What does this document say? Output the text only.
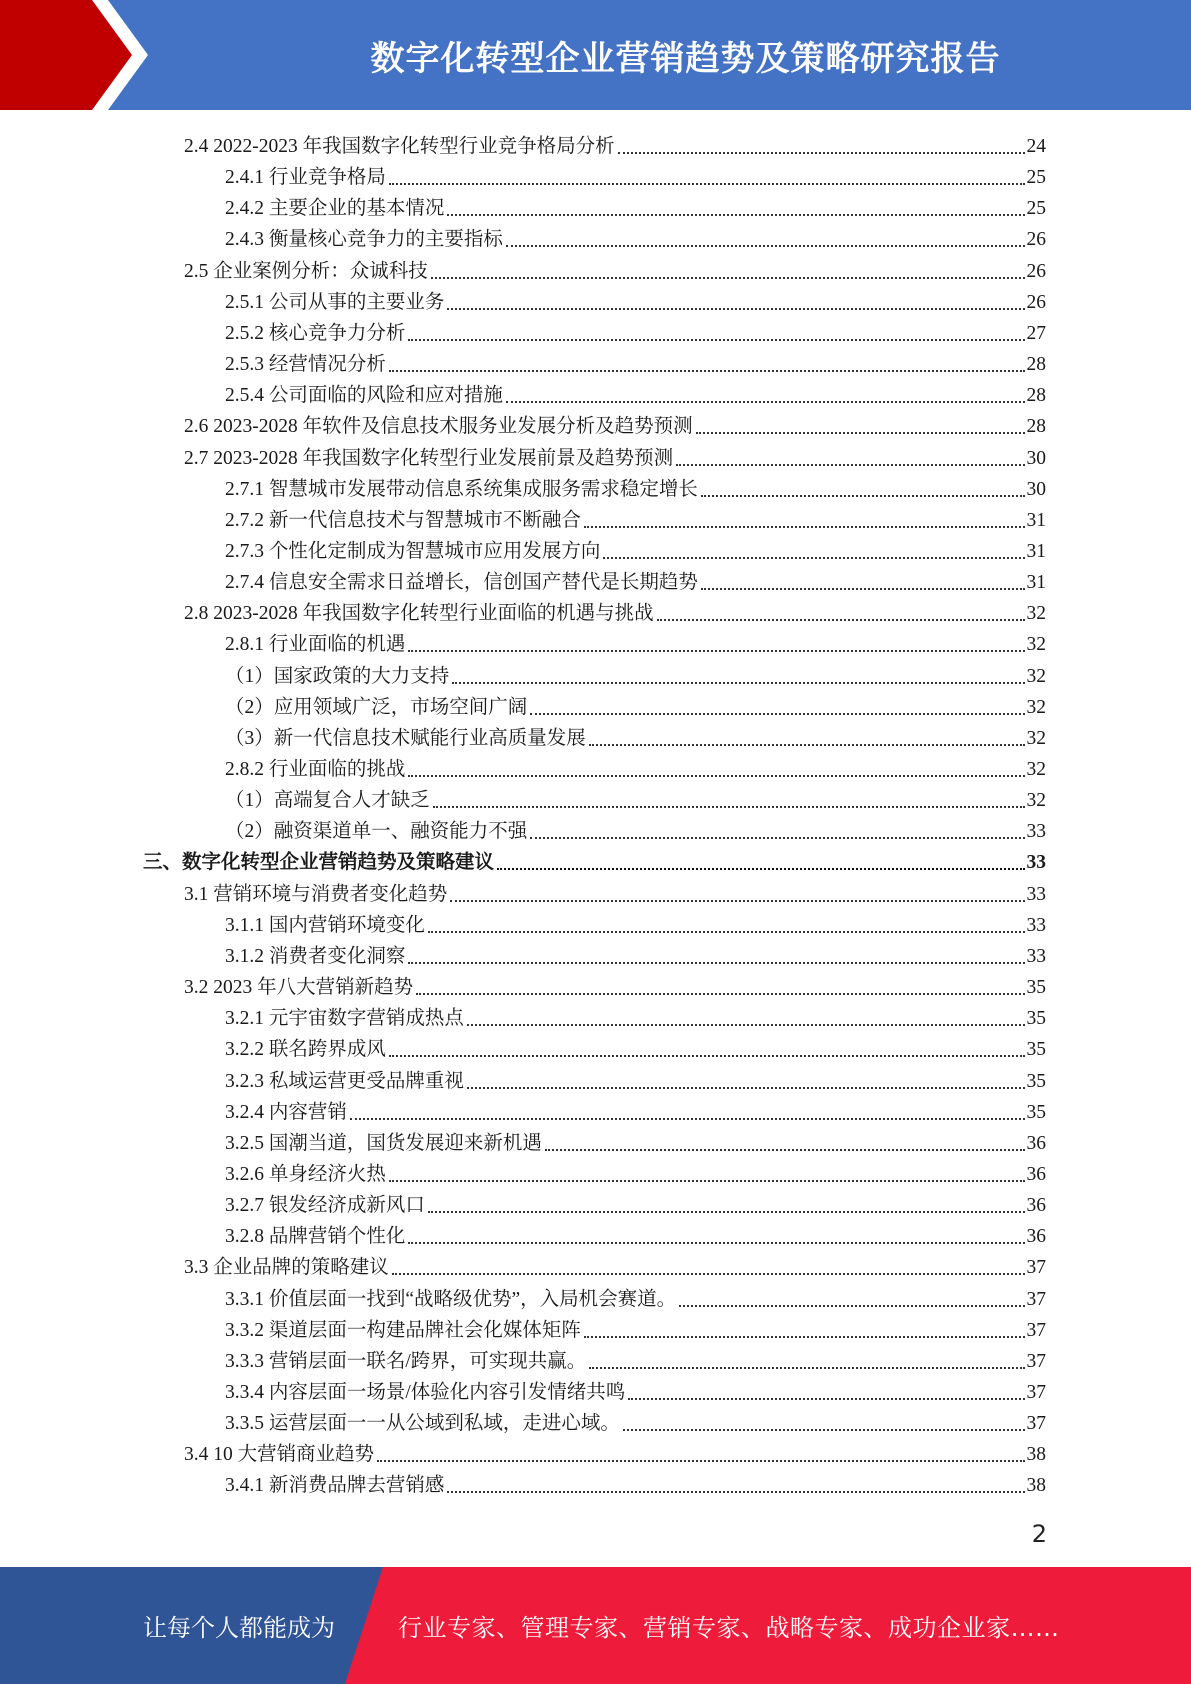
数字化转型企业营销趋势及策略研究报告
2.4 2022-2023 年我国数字化转型行业竞争格局分析	24
2.4.1 行业竞争格局	25
2.4.2 主要企业的基本情况	25
2.4.3 衡量核心竞争力的主要指标	26
2.5 企业案例分析：众诚科技	26
2.5.1 公司从事的主要业务	26
2.5.2 核心竞争力分析	27
2.5.3 经营情况分析	28
2.5.4 公司面临的风险和应对措施	28
2.6 2023-2028 年软件及信息技术服务业发展分析及趋势预测	28
2.7 2023-2028 年我国数字化转型行业发展前景及趋势预测	30
2.7.1 智慧城市发展带动信息系统集成服务需求稳定增长	30
2.7.2 新一代信息技术与智慧城市不断融合	31
2.7.3 个性化定制成为智慧城市应用发展方向	31
2.7.4 信息安全需求日益增长，信创国产替代是长期趋势	31
2.8 2023-2028 年我国数字化转型行业面临的机遇与挑战	32
2.8.1 行业面临的机遇	32
（1）国家政策的大力支持	32
（2）应用领域广泛，市场空间广阔	32
（3）新一代信息技术赋能行业高质量发展	32
2.8.2 行业面临的挑战	32
（1）高端复合人才缺乏	32
（2）融资渠道单一、融资能力不强	33
三、数字化转型企业营销趋势及策略建议	33
3.1 营销环境与消费者变化趋势	33
3.1.1 国内营销环境变化	33
3.1.2 消费者变化洞察	33
3.2 2023 年八大营销新趋势	35
3.2.1 元宇宙数字营销成热点	35
3.2.2 联名跨界成风	35
3.2.3 私域运营更受品牌重视	35
3.2.4 内容营销	35
3.2.5 国潮当道，国货发展迎来新机遇	36
3.2.6 单身经济火热	36
3.2.7 银发经济成新风口	36
3.2.8 品牌营销个性化	36
3.3 企业品牌的策略建议	37
3.3.1 价值层面一找到“战略级优势”，入局机会赛道。	37
3.3.2 渠道层面一构建品牌社会化媒体矩阵	37
3.3.3 营销层面一联名/跨界，可实现共赢。	37
3.3.4 内容层面一场景/体验化内容引发情绪共鸣	37
3.3.5 运营层面一一从公域到私域，走进心域。	37
3.4 10 大营销商业趋势	38
3.4.1 新消费品牌去营销感	38
2
让每个人都能成为	行业专家、管理专家、营销专家、战略专家、成功企业家……
